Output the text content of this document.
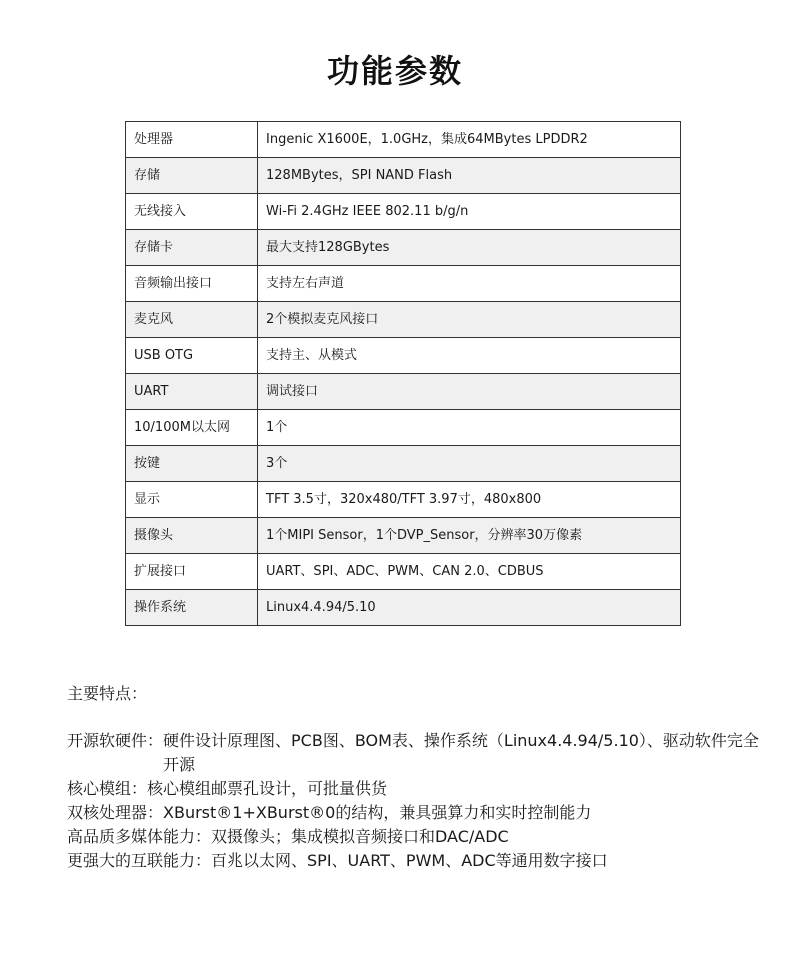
功能参数
处理器	Ingenic X1600E，1.0GHz，集成64MBytes LPDDR2
存储	128MBytes，SPI NAND Flash
无线接入	Wi-Fi 2.4GHz IEEE 802.11 b/g/n
存储卡	最大支持128GBytes
音频输出接口	支持左右声道
麦克风	2个模拟麦克风接口
USB OTG	支持主、从模式
UART	调试接口
10/100M以太网	1个
按键	3个
显示	TFT 3.5寸，320x480/TFT 3.97寸，480x800
摄像头	1个MIPI Sensor，1个DVP_Sensor，分辨率30万像素
扩展接口	UART、SPI、ADC、PWM、CAN 2.0、CDBUS
操作系统	Linux4.4.94/5.10
主要特点：
开源软硬件： 硬件设计原理图、PCB图、BOM表、操作系统（Linux4.4.94/5.10）、驱动软件完全开源
核心模组： 核心模组邮票孔设计，可批量供货
双核处理器： XBurst®1+XBurst®0的结构，兼具强算力和实时控制能力
高品质多媒体能力： 双摄像头；集成模拟音频接口和DAC/ADC
更强大的互联能力： 百兆以太网、SPI、UART、PWM、ADC等通用数字接口
